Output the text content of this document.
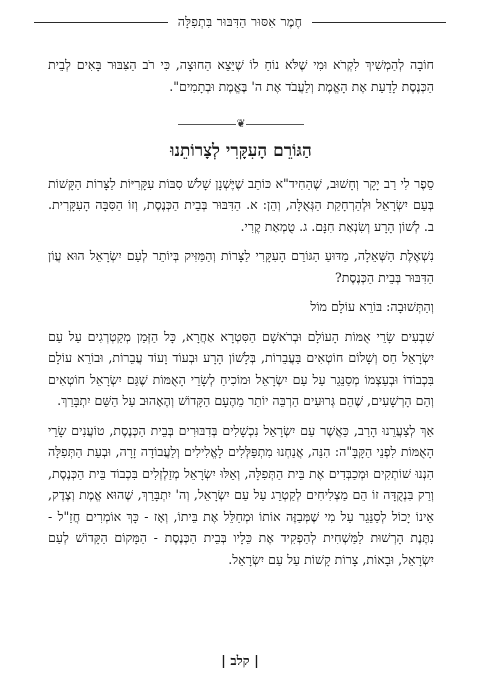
חֶמֶר אִסּוּר הַדִּבּוּר בִּתְפִלָּה

חוֹבָה לְהַמְשִׁיךְ לִקְרֹא וּמִי שֶׁלֹּא נוֹחַ לוֹ שֶׁיֵּצֵא הַחוּצָה, כִּי רֹב הַצִּבּוּר בָּאִים לְבֵית הַכְּנֶסֶת לָדַעַת אֶת הָאֱמֶת וְלַעֲבֹד אֶת ה' בֶּאֱמֶת וּבְתָמִים".

❦
הַגּוֹרֵם הָעִקָּרִי לְצָרוֹתֵנוּ

סֵפֶר לִי רַב יָקָר וְחָשׁוּב, שֶׁהַחִיד"א כּוֹתֵב שֶׁיֶּשְׁנָן שָׁלֹשׁ סִבּוֹת עִקָּרִיּוֹת לַצָּרוֹת הַקָּשׁוֹת בְּעַם יִשְׂרָאֵל וּלְהַרְחָקַת הַגְּאֻלָּה, וְהֵן: א. הַדִּבּוּר בְּבֵית הַכְּנֶסֶת, וְזוֹ הַסִּבָּה הָעִקָּרִית. ב. לְשׁוֹן הָרָע וְשִׂנְאַת חִנָּם. ג. טֻמְאַת קֶרִי.

נִשְׁאֶלֶת הַשְּׁאֵלָה, מַדּוּעַ הַגּוֹרֵם הָעִקָּרִי לַצָּרוֹת וְהַמַּזִּיק בְּיוֹתֵר לְעַם יִשְׂרָאֵל הוּא עֲוֹן הַדִּבּוּר בְּבֵית הַכְּנֶסֶת?

וְהַתְּשׁוּבָה: בּוֹרֵא עוֹלָם מוֹל

שִׁבְעִים שָׂרֵי אֻמּוֹת הָעוֹלָם וּבְרֹאשָׁם הַסִּטְרָא אַחֲרָא, כָּל הַזְּמַן מְקַטְרְגִים עַל עַם יִשְׂרָאֵל חַס וְשָׁלוֹם חוֹטְאִים בַּעֲבֵרוֹת, בְּלָשׁוֹן הָרָע וּבְעוֹד וָעוֹד עֲבֵרוֹת, וּבוֹרֵא עוֹלָם בִּכְבוֹדוֹ וּבְעַצְמוֹ מְסַנֵּגֵר עַל עַם יִשְׂרָאֵל וּמוֹכִיחַ לְשָׂרֵי הָאֻמּוֹת שֶׁגַּם יִשְׂרָאֵל חוֹטְאִים וְהֵם הָרְשָׁעִים, שֶׁהֵם גְּרוּעִים הַרְבֵּה יוֹתֵר מֵהֶעָם הַקָּדוֹשׁ וְהֶאָהוּב עַל הַשֵּׁם יִתְבָּרַךְ.

אַךְ לְצַעֲרֵנוּ הָרַב, כַּאֲשֶׁר עַם יִשְׂרָאֵל נִכְשָׁלִים בְּדִבּוּרִים בְּבֵית הַכְּנֶסֶת, טוֹעֲנִים שָׂרֵי הָאֻמּוֹת לִפְנֵי הַקָּבָּ"ה: הִנֵּה, אֲנַחְנוּ מִתְפַּלְּלִים לָאֱלִילִים וְלַעֲבוֹדָה זָרָה, וּבְעֵת הַתְּפִלָּה הִנְנוּ שׁוֹתְקִים וּמְכַבְּדִים אֶת בֵּית הַתְּפִלָּה, וְאֵלּוּ יִשְׂרָאֵל מְזַלְזְלִים בִּכְבוֹד בֵּית הַכְּנֶסֶת, וְרַק בִּנְקֻדָּה זוֹ הֵם מַצְלִיחִים לְקַטְרֵג עַל עַם יִשְׂרָאֵל, וְה' יִתְבָּרַךְ, שֶׁהוּא אֱמֶת וְצֶדֶק, אֵינוֹ יָכוֹל לְסַנֵּגֵר עַל מִי שֶׁמְּבַזֶּה אוֹתוֹ וּמְחַלֵּל אֶת בֵּיתוֹ, וְאָז - כָּךְ אוֹמְרִים חֲזַ"ל - נִתֶּנֶת הָרְשׁוּת לַמַּשְׁחִית לְהַפְקִיד אֶת כֵּלָיו בְּבֵית הַכְּנֶסֶת - הַמָּקוֹם הַקָּדוֹשׁ לְעַם יִשְׂרָאֵל, וּבָאוֹת, צָרוֹת קָשׁוֹת עַל עַם יִשְׂרָאֵל.

| קלב |
